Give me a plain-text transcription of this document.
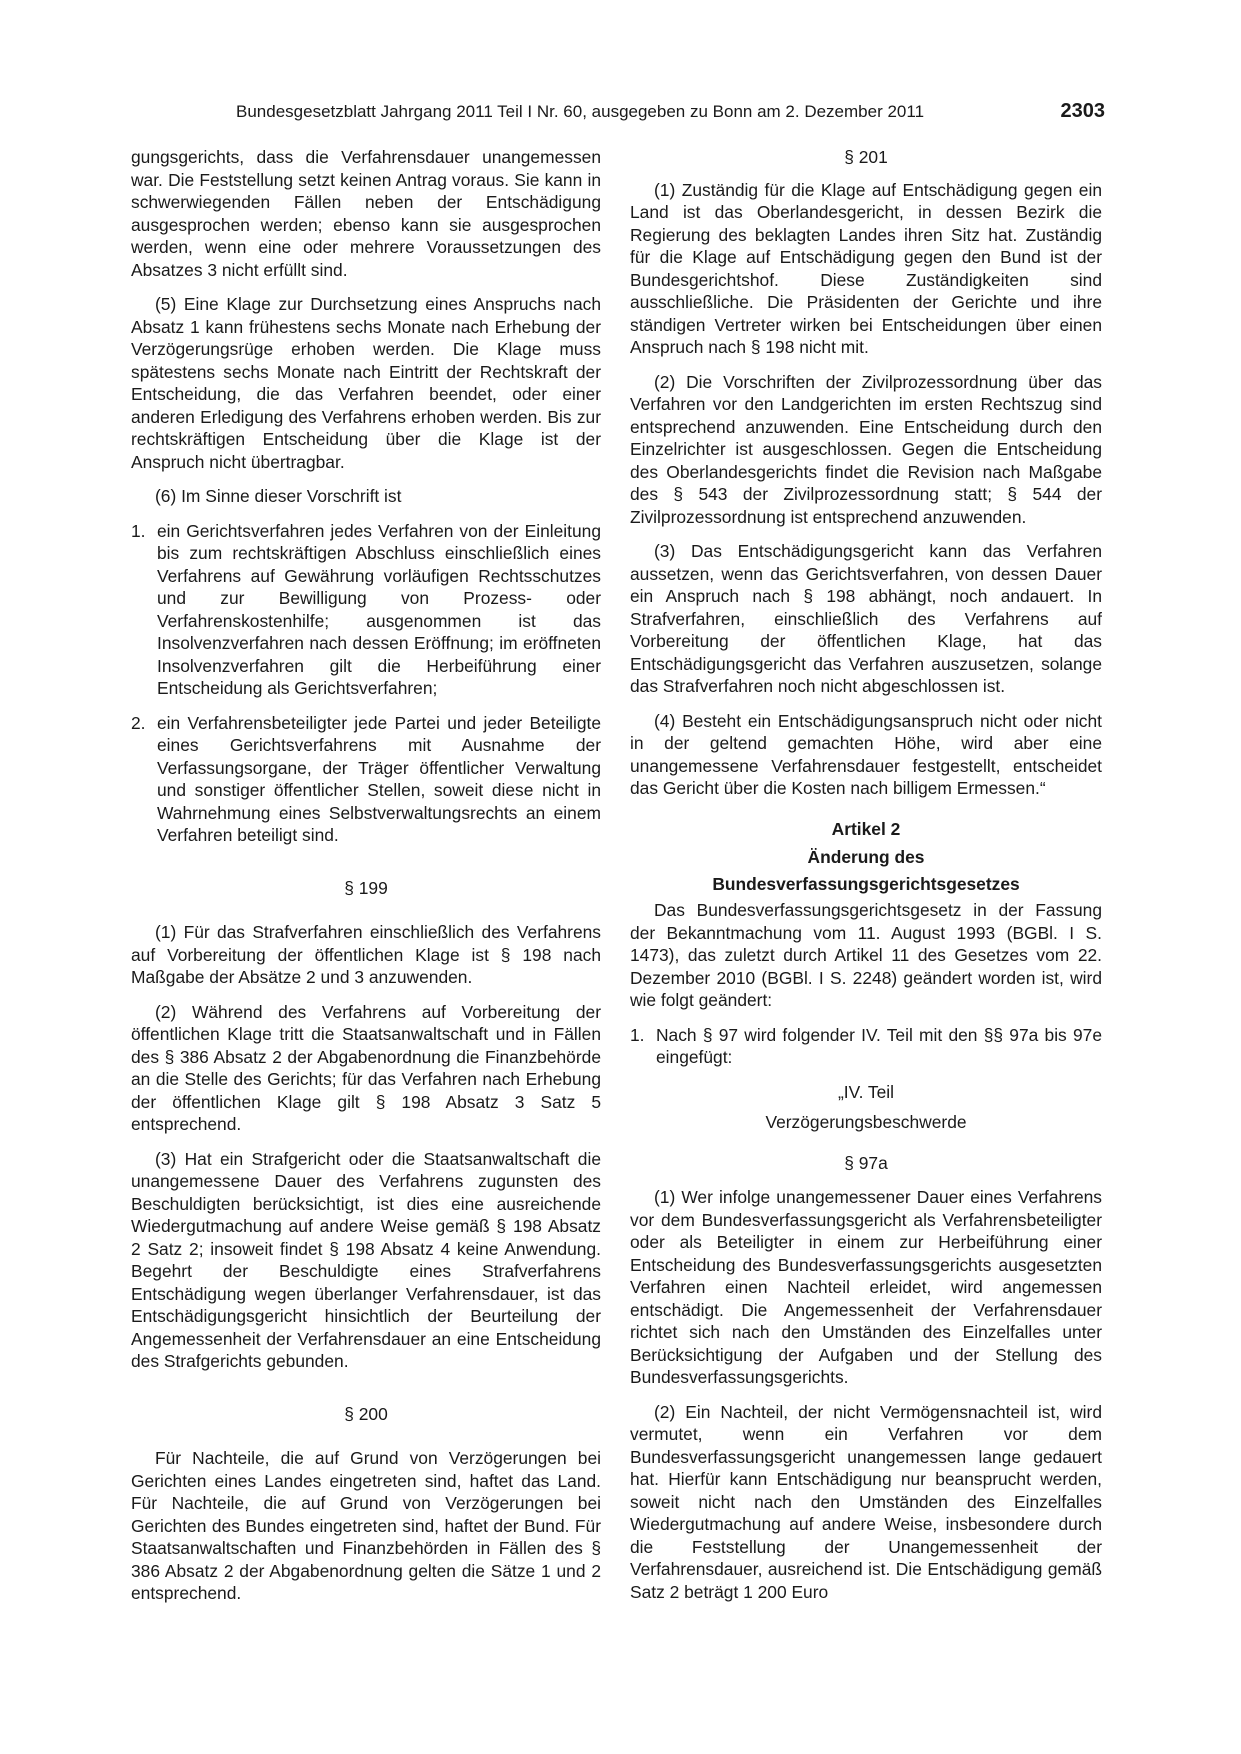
Bundesgesetzblatt Jahrgang 2011 Teil I Nr. 60, ausgegeben zu Bonn am 2. Dezember 2011	2303

gungsgerichts, dass die Verfahrensdauer unangemessen war. Die Feststellung setzt keinen Antrag voraus. Sie kann in schwerwiegenden Fällen neben der Entschädigung ausgesprochen werden; ebenso kann sie ausgesprochen werden, wenn eine oder mehrere Voraussetzungen des Absatzes 3 nicht erfüllt sind.

(5) Eine Klage zur Durchsetzung eines Anspruchs nach Absatz 1 kann frühestens sechs Monate nach Erhebung der Verzögerungsrüge erhoben werden. Die Klage muss spätestens sechs Monate nach Eintritt der Rechtskraft der Entscheidung, die das Verfahren beendet, oder einer anderen Erledigung des Verfahrens erhoben werden. Bis zur rechtskräftigen Entscheidung über die Klage ist der Anspruch nicht übertragbar.

(6) Im Sinne dieser Vorschrift ist

1. ein Gerichtsverfahren jedes Verfahren von der Einleitung bis zum rechtskräftigen Abschluss einschließlich eines Verfahrens auf Gewährung vorläufigen Rechtsschutzes und zur Bewilligung von Prozess- oder Verfahrenskostenhilfe; ausgenommen ist das Insolvenzverfahren nach dessen Eröffnung; im eröffneten Insolvenzverfahren gilt die Herbeiführung einer Entscheidung als Gerichtsverfahren;
2. ein Verfahrensbeteiligter jede Partei und jeder Beteiligte eines Gerichtsverfahrens mit Ausnahme der Verfassungsorgane, der Träger öffentlicher Verwaltung und sonstiger öffentlicher Stellen, soweit diese nicht in Wahrnehmung eines Selbstverwaltungsrechts an einem Verfahren beteiligt sind.
§ 199

(1) Für das Strafverfahren einschließlich des Verfahrens auf Vorbereitung der öffentlichen Klage ist § 198 nach Maßgabe der Absätze 2 und 3 anzuwenden.

(2) Während des Verfahrens auf Vorbereitung der öffentlichen Klage tritt die Staatsanwaltschaft und in Fällen des § 386 Absatz 2 der Abgabenordnung die Finanzbehörde an die Stelle des Gerichts; für das Verfahren nach Erhebung der öffentlichen Klage gilt § 198 Absatz 3 Satz 5 entsprechend.

(3) Hat ein Strafgericht oder die Staatsanwaltschaft die unangemessene Dauer des Verfahrens zugunsten des Beschuldigten berücksichtigt, ist dies eine ausreichende Wiedergutmachung auf andere Weise gemäß § 198 Absatz 2 Satz 2; insoweit findet § 198 Absatz 4 keine Anwendung. Begehrt der Beschuldigte eines Strafverfahrens Entschädigung wegen überlanger Verfahrensdauer, ist das Entschädigungsgericht hinsichtlich der Beurteilung der Angemessenheit der Verfahrensdauer an eine Entscheidung des Strafgerichts gebunden.

§ 200

Für Nachteile, die auf Grund von Verzögerungen bei Gerichten eines Landes eingetreten sind, haftet das Land. Für Nachteile, die auf Grund von Verzögerungen bei Gerichten des Bundes eingetreten sind, haftet der Bund. Für Staatsanwaltschaften und Finanzbehörden in Fällen des § 386 Absatz 2 der Abgabenordnung gelten die Sätze 1 und 2 entsprechend.

§ 201

(1) Zuständig für die Klage auf Entschädigung gegen ein Land ist das Oberlandesgericht, in dessen Bezirk die Regierung des beklagten Landes ihren Sitz hat. Zuständig für die Klage auf Entschädigung gegen den Bund ist der Bundesgerichtshof. Diese Zuständigkeiten sind ausschließliche. Die Präsidenten der Gerichte und ihre ständigen Vertreter wirken bei Entscheidungen über einen Anspruch nach § 198 nicht mit.

(2) Die Vorschriften der Zivilprozessordnung über das Verfahren vor den Landgerichten im ersten Rechtszug sind entsprechend anzuwenden. Eine Entscheidung durch den Einzelrichter ist ausgeschlossen. Gegen die Entscheidung des Oberlandesgerichts findet die Revision nach Maßgabe des § 543 der Zivilprozessordnung statt; § 544 der Zivilprozessordnung ist entsprechend anzuwenden.

(3) Das Entschädigungsgericht kann das Verfahren aussetzen, wenn das Gerichtsverfahren, von dessen Dauer ein Anspruch nach § 198 abhängt, noch andauert. In Strafverfahren, einschließlich des Verfahrens auf Vorbereitung der öffentlichen Klage, hat das Entschädigungsgericht das Verfahren auszusetzen, solange das Strafverfahren noch nicht abgeschlossen ist.

(4) Besteht ein Entschädigungsanspruch nicht oder nicht in der geltend gemachten Höhe, wird aber eine unangemessene Verfahrensdauer festgestellt, entscheidet das Gericht über die Kosten nach billigem Ermessen.“

Artikel 2
Änderung des
Bundesverfassungsgerichtsgesetzes

Das Bundesverfassungsgerichtsgesetz in der Fassung der Bekanntmachung vom 11. August 1993 (BGBl. I S. 1473), das zuletzt durch Artikel 11 des Gesetzes vom 22. Dezember 2010 (BGBl. I S. 2248) geändert worden ist, wird wie folgt geändert:

1. Nach § 97 wird folgender IV. Teil mit den §§ 97a bis 97e eingefügt:
„IV. Teil
Verzögerungsbeschwerde
§ 97a

(1) Wer infolge unangemessener Dauer eines Verfahrens vor dem Bundesverfassungsgericht als Verfahrensbeteiligter oder als Beteiligter in einem zur Herbeiführung einer Entscheidung des Bundesverfassungsgerichts ausgesetzten Verfahren einen Nachteil erleidet, wird angemessen entschädigt. Die Angemessenheit der Verfahrensdauer richtet sich nach den Umständen des Einzelfalles unter Berücksichtigung der Aufgaben und der Stellung des Bundesverfassungsgerichts.

(2) Ein Nachteil, der nicht Vermögensnachteil ist, wird vermutet, wenn ein Verfahren vor dem Bundesverfassungsgericht unangemessen lange gedauert hat. Hierfür kann Entschädigung nur beansprucht werden, soweit nicht nach den Umständen des Einzelfalles Wiedergutmachung auf andere Weise, insbesondere durch die Feststellung der Unangemessenheit der Verfahrensdauer, ausreichend ist. Die Entschädigung gemäß Satz 2 beträgt 1 200 Euro
